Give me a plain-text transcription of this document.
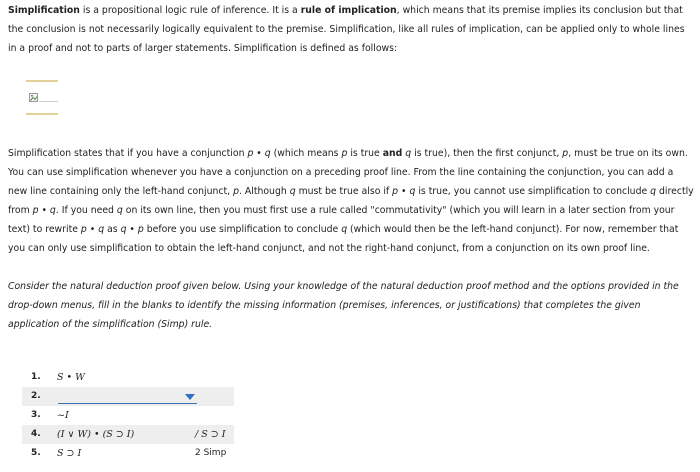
Simplification is a propositional logic rule of inference. It is a rule of implication, which means that its premise implies its conclusion but that the conclusion is not necessarily logically equivalent to the premise. Simplification, like all rules of implication, can be applied only to whole lines in a proof and not to parts of larger statements. Simplification is defined as follows:

Simplification states that if you have a conjunction p • q (which means p is true and q is true), then the first conjunct, p, must be true on its own. You can use simplification whenever you have a conjunction on a preceding proof line. From the line containing the conjunction, you can add a new line containing only the left-hand conjunct, p. Although q must be true also if p • q is true, you cannot use simplification to conclude q directly from p • q. If you need q on its own line, then you must first use a rule called "commutativity" (which you will learn in a later section from your text) to rewrite p • q as q • p before you use simplification to conclude q (which would then be the left-hand conjunct). For now, remember that you can only use simplification to obtain the left-hand conjunct, and not the right-hand conjunct, from a conjunction on its own proof line.

Consider the natural deduction proof given below. Using your knowledge of the natural deduction proof method and the options provided in the drop-down menus, fill in the blanks to identify the missing information (premises, inferences, or justifications) that completes the given application of the simplification (Simp) rule.

1. S • W
2.
3. ~I
4. (I ∨ W) • (S ⊃ I)	/ S ⊃ I
5. S ⊃ I	2 Simp
